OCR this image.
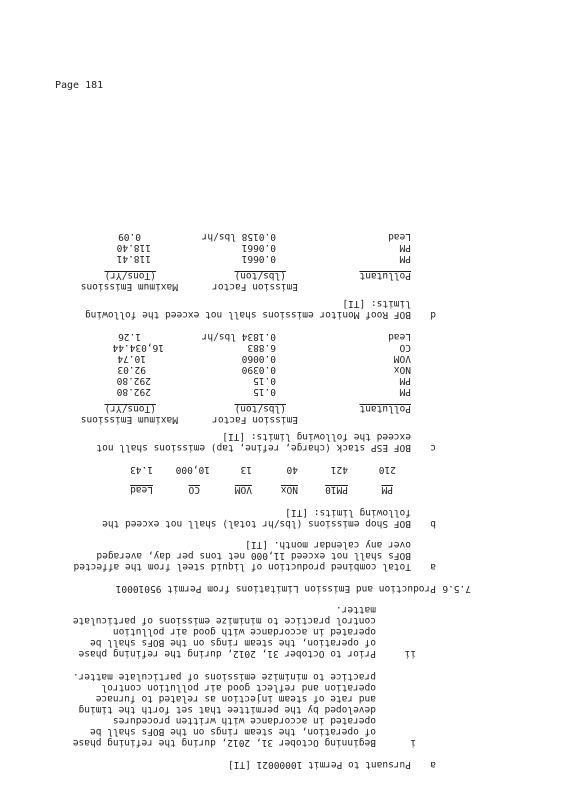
Page 181
a
Pursuant to Permit 10000021 [TI]
i
Beginning October 31, 2012, during the refining phase
of operation, the steam rings on the BOFs shall be
operated in accordance with written procedures
developed by the permittee that set forth the timing
and rate of steam injection as related to furnace
operation and reflect good air pollution control
practice to minimize emissions of particulate matter.
ii
Prior to October 31, 2012, during the refining phase
of operation, the steam rings on the BOFs shall be
operated in accordance with good air pollution
control practice to minimize emissions of particulate
matter.
7.5.6
Production and Emission Limitations from Permit 95010001
a
Total combined production of liquid steel from the affected
BOFs shall not exceed 11,000 net tons per day, averaged
over any calendar month. [TI]
b
BOF Shop emissions (lbs/hr total) shall not exceed the
following limits: [TI]
PM
PM10
NOx
VOM
CO
Lead
210
421
40
13
10,000
1.43
c
BOF ESP stack (charge, refine, tap) emissions shall not
exceed the following limits: [TI]
Emission Factor
Maximum Emissions
Pollutant
(lbs/ton)
(Tons/Yr)
PM
0.15
292.80
PM
0.15
292.80
NOx
0.0390
92.03
VOM
0.0060
10.74
CO
6.883
16,034.44
Lead
0.1834 lbs/hr
1.26
d
BOF Roof Monitor emissions shall not exceed the following
limits: [TI]
Emission Factor
Maximum Emissions
Pollutant
(lbs/ton)
(Tons/Yr)
PM
0.0661
118.41
PM
0.0661
118.40
Lead
0.0158 lbs/hr
0.09
